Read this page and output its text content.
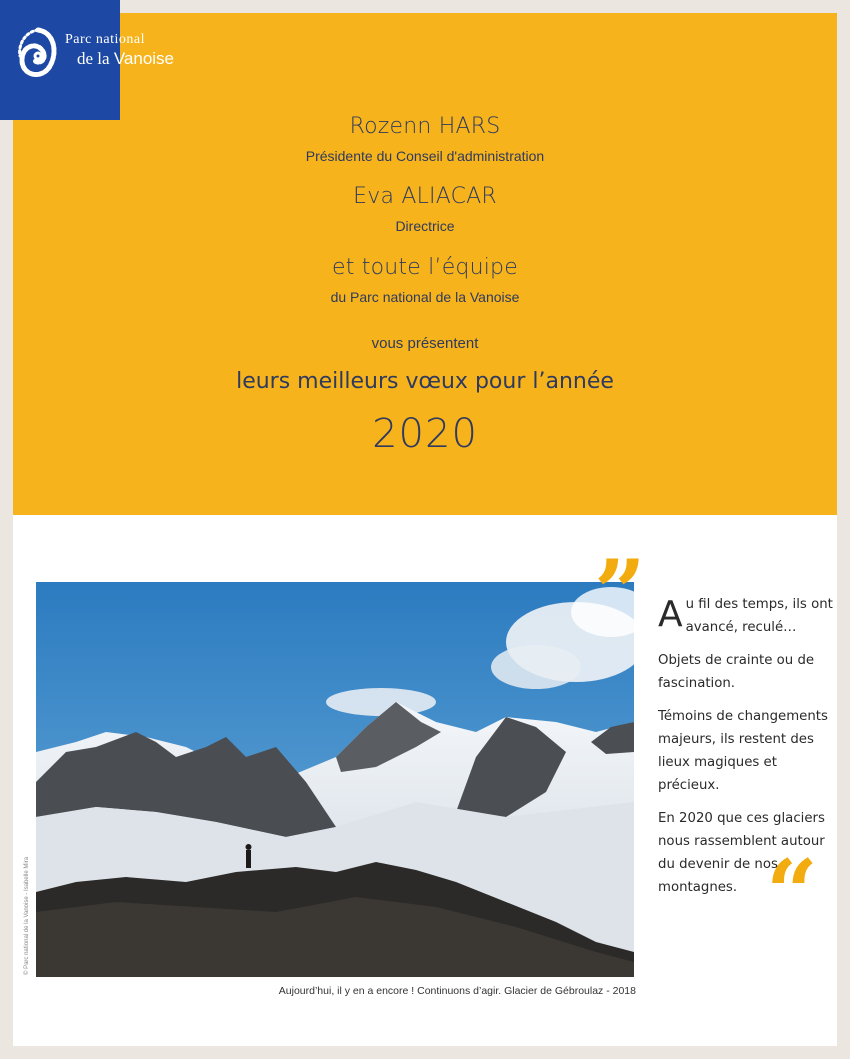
Parc national
de la Vanoise
Rozenn HARS
Présidente du Conseil d'administration
Eva ALIACAR
Directrice
et toute l’équipe
du Parc national de la Vanoise
vous présentent
leurs meilleurs vœux pour l’année
2020
© Parc national de la Vanoise - Isabelle Mira
Aujourd’hui, il y en a encore ! Continuons d’agir. Glacier de Gébroulaz - 2018
”
“

Au fil des temps, ils ont avancé, reculé…

Objets de crainte ou de fascination.

Témoins de changements majeurs, ils restent des lieux magiques et précieux.

En 2020 que ces glaciers nous rassemblent autour du devenir de nos montagnes.
